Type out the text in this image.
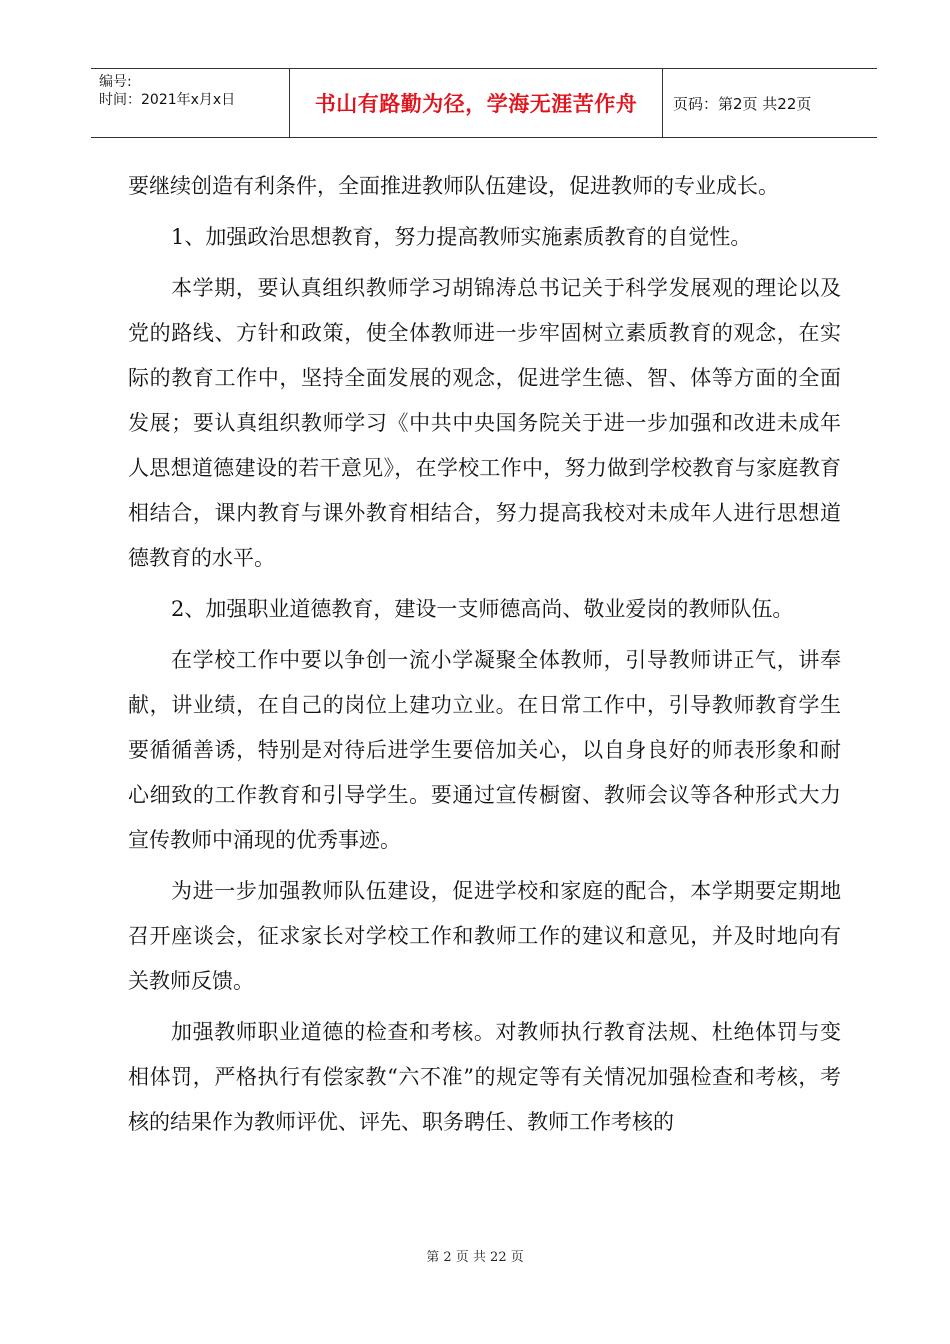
编号:
时间：2021年x月x日	书山有路勤为径，学海无涯苦作舟 页码：第2页 共22页

要继续创造有利条件，全面推进教师队伍建设，促进教师的专业成长。

1、加强政治思想教育，努力提高教师实施素质教育的自觉性。

本学期，要认真组织教师学习胡锦涛总书记关于科学发展观的理论以及党的路线、方针和政策，使全体教师进一步牢固树立素质教育的观念，在实际的教育工作中，坚持全面发展的观念，促进学生德、智、体等方面的全面发展；要认真组织教师学习《中共中央国务院关于进一步加强和改进未成年人思想道德建设的若干意见》，在学校工作中，努力做到学校教育与家庭教育相结合，课内教育与课外教育相结合，努力提高我校对未成年人进行思想道德教育的水平。

2、加强职业道德教育，建设一支师德高尚、敬业爱岗的教师队伍。

在学校工作中要以争创一流小学凝聚全体教师，引导教师讲正气，讲奉献，讲业绩，在自己的岗位上建功立业。在日常工作中，引导教师教育学生要循循善诱，特别是对待后进学生要倍加关心，以自身良好的师表形象和耐心细致的工作教育和引导学生。要通过宣传橱窗、教师会议等各种形式大力宣传教师中涌现的优秀事迹。

为进一步加强教师队伍建设，促进学校和家庭的配合，本学期要定期地召开座谈会，征求家长对学校工作和教师工作的建议和意见，并及时地向有关教师反馈。

加强教师职业道德的检查和考核。对教师执行教育法规、杜绝体罚与变相体罚，严格执行有偿家教“六不准”的规定等有关情况加强检查和考核，考核的结果作为教师评优、评先、职务聘任、教师工作考核的

第 2 页 共 22 页
